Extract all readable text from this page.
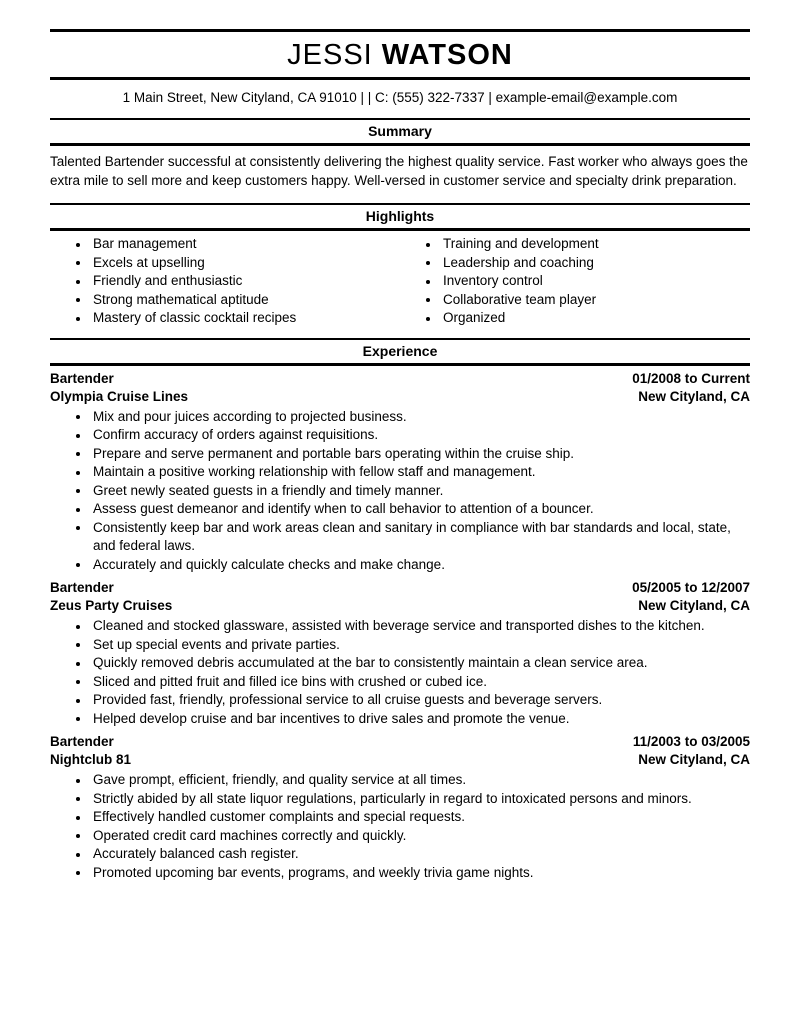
JESSI WATSON
1 Main Street, New Cityland, CA 91010 | | C: (555) 322-7337 | example-email@example.com
Summary

Talented Bartender successful at consistently delivering the highest quality service. Fast worker who always goes the extra mile to sell more and keep customers happy. Well-versed in customer service and specialty drink preparation.

Highlights
Bar management
Excels at upselling
Friendly and enthusiastic
Strong mathematical aptitude
Mastery of classic cocktail recipes
Training and development
Leadership and coaching
Inventory control
Collaborative team player
Organized
Experience
Bartender	01/2008 to Current
Olympia Cruise Lines	New Cityland, CA
Mix and pour juices according to projected business.
Confirm accuracy of orders against requisitions.
Prepare and serve permanent and portable bars operating within the cruise ship.
Maintain a positive working relationship with fellow staff and management.
Greet newly seated guests in a friendly and timely manner.
Assess guest demeanor and identify when to call behavior to attention of a bouncer.
Consistently keep bar and work areas clean and sanitary in compliance with bar standards and local, state, and federal laws.
Accurately and quickly calculate checks and make change.
Bartender	05/2005 to 12/2007
Zeus Party Cruises	New Cityland, CA
Cleaned and stocked glassware, assisted with beverage service and transported dishes to the kitchen.
Set up special events and private parties.
Quickly removed debris accumulated at the bar to consistently maintain a clean service area.
Sliced and pitted fruit and filled ice bins with crushed or cubed ice.
Provided fast, friendly, professional service to all cruise guests and beverage servers.
Helped develop cruise and bar incentives to drive sales and promote the venue.
Bartender	11/2003 to 03/2005
Nightclub 81	New Cityland, CA
Gave prompt, efficient, friendly, and quality service at all times.
Strictly abided by all state liquor regulations, particularly in regard to intoxicated persons and minors.
Effectively handled customer complaints and special requests.
Operated credit card machines correctly and quickly.
Accurately balanced cash register.
Promoted upcoming bar events, programs, and weekly trivia game nights.
